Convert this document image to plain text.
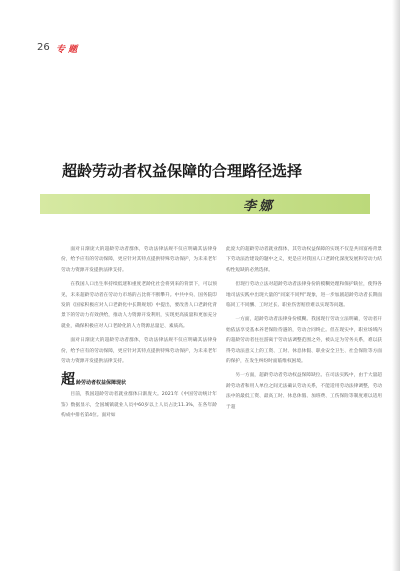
26 专 题
超龄劳动者权益保障的合理路径选择
李娜

面对日渐庞大的超龄劳动者群体，劳动法律法规不仅应明确其法律身份，给予应有的劳动保障，更应针对其特点提供特殊劳动保护，为未来老年劳动力资源开发提供法律支持。

在我国人口出生率持续低迷和重度老龄化社会将到来的背景下，可以预见，未来超龄劳动者在劳动力市场的占比将不断攀升。中共中央、国务院印发的《国家积极应对人口老龄化中长期规划》中提出，要改善人口老龄化背景下的劳动力有效供给，推动人力资源开发利用，实现更高质量和更加充分就业，确保积极应对人口老龄化的人力资源总量足、素质高。

面对日渐庞大的超龄劳动者群体，劳动法律法规不仅应明确其法律身份，给予应有的劳动保障，更应针对其特点提供特殊劳动保护，为未来老年劳动力资源开发提供法律支持。

超 龄劳动者权益保障现状

目前，我国超龄劳动者就业群体日渐庞大。2021年《中国劳动统计年鉴》数据显示，全国城镇就业人员中60岁以上人员占比11.3%，在各年龄构成中排名第4位。面对如

此庞大的超龄劳动者就业群体，其劳动权益保障的实现不仅是共同富裕背景下劳动法治建设的题中之义，更是应对我国人口老龄化深度发展和劳动力结构性短缺的必然选择。

但现行劳动立法对超龄劳动者法律身份的模糊处理和保护缺位，使得各地司法实践中出现大量的“同案不同判”现象，进一步加剧超龄劳动者长期面临同工不同酬、工时过长、职业伤害赔偿难以实现等问题。

一方面，超龄劳动者法律身份模糊。我国现行劳动立法明确，劳动者开始依法享受基本养老保险待遇的，劳动合同终止。但在现实中，职业场域内的超龄劳动者往往游离于劳动法调整范围之外，被认定为劳务关系，难以获得劳动法意义上的工资、工时、休息休假、职业安全卫生、社会保险等方面的保护，在发生纠纷时面临维权困境。

另一方面，超龄劳动者劳动权益保障缺位。在司法实践中，由于大量超龄劳动者和用人单位之间无法确认劳动关系，不能适用劳动法律调整，劳动法中的最低工资、最高工时、休息休假、加班费、工伤保险等制度难以适用于超
